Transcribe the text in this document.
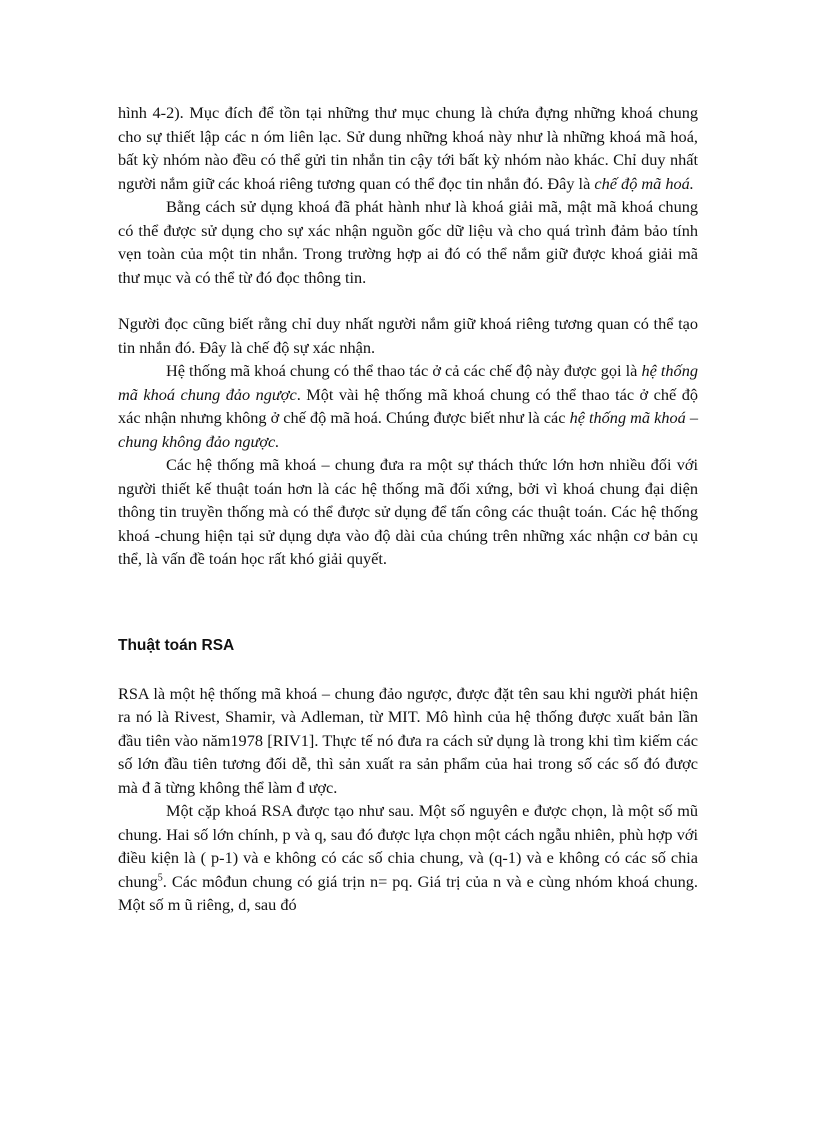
hình 4-2). Mục đích để tồn tại những thư mục chung là chứa đựng những khoá chung cho sự thiết lập các n óm liên lạc. Sử dung những khoá này như là những khoá mã hoá, bất kỳ nhóm nào đều có thể gửi tin nhắn tin cậy tới bất kỳ nhóm nào khác. Chỉ duy nhất người nắm giữ các khoá riêng tương quan có thể đọc tin nhắn đó. Đây là chế độ mã hoá.

Bằng cách sử dụng khoá đã phát hành như là khoá giải mã, mật mã khoá chung có thể được sử dụng cho sự xác nhận nguồn gốc dữ liệu và cho quá trình đảm bảo tính vẹn toàn của một tin nhắn. Trong trường hợp ai đó có thể nắm giữ được khoá giải mã thư mục và có thể từ đó đọc thông tin.

Người đọc cũng biết rằng chỉ duy nhất người nắm giữ khoá riêng tương quan có thể tạo tin nhắn đó. Đây là chế độ sự xác nhận.

Hệ thống mã khoá chung có thể thao tác ở cả các chế độ này được gọi là hệ thống mã khoá chung đảo ngược. Một vài hệ thống mã khoá chung có thể thao tác ở chế độ xác nhận nhưng không ở chế độ mã hoá. Chúng được biết như là các hệ thống mã khoá – chung không đảo ngược.

Các hệ thống mã khoá – chung đưa ra một sự thách thức lớn hơn nhiều đối với người thiết kế thuật toán hơn là các hệ thống mã đối xứng, bởi vì khoá chung đại diện thông tin truyền thống mà có thể được sử dụng để tấn công các thuật toán. Các hệ thống khoá -chung hiện tại sử dụng dựa vào độ dài của chúng trên những xác nhận cơ bản cụ thể, là vấn đề toán học rất khó giải quyết.

Thuật toán RSA

RSA là một hệ thống mã khoá – chung đảo ngược, được đặt tên sau khi người phát hiện ra nó là Rivest, Shamir, và Adleman, từ MIT. Mô hình của hệ thống được xuất bản lần đầu tiên vào năm1978 [RIV1]. Thực tế nó đưa ra cách sử dụng là trong khi tìm kiếm các số lớn đầu tiên tương đối dễ, thì sản xuất ra sản phẩm của hai trong số các số đó được mà đ ã từng không thể làm đ ược.

Một cặp khoá RSA được tạo như sau. Một số nguyên e được chọn, là một số mũ chung. Hai số lớn chính, p và q, sau đó được lựa chọn một cách ngẫu nhiên, phù hợp với điều kiện là ( p-1) và e không có các số chia chung, và (q-1) và e không có các số chia chung$^5$. Các môđun chung có giá trịn n= pq. Giá trị của n và e cùng nhóm khoá chung. Một số m ũ riêng, d, sau đó
